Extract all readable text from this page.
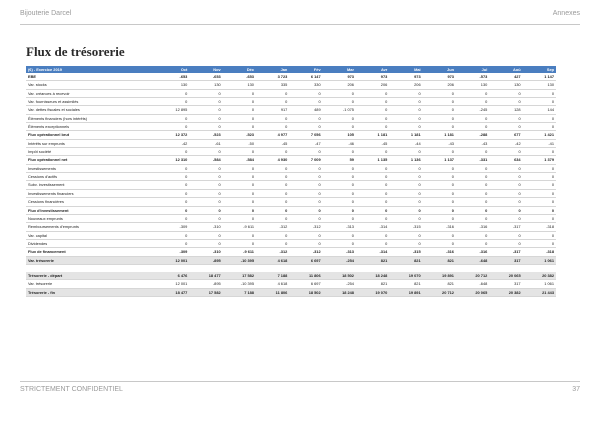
Bijouterie Darcel	Annexes
Flux de trésorerie
(€) - Exercice 2019	Oct	Nov	Déc	Jan	Fév	Mar	Avr	Mai	Jun	Jul	Aoû	Sep
EBE	-653	-653	-653	3 723	6 147	973	973	973	973	-573	427	1 147
Var. stocks	130	130	130	335	330	206	206	206	206	130	130	130
Var. créances à recevoir	0	0	0	0	0	0	0	0	0	0	0	0
Var. fournisseurs et assimilés	0	0	0	0	0	0	0	0	0	0	0	0
Var. dettes fiscales et sociales	12 895	0	0	917	489	-1 075	0	0	0	-245	128	144
Éléments financiers (hors intérêts)	0	0	0	0	0	0	0	0	0	0	0	0
Éléments exceptionnels	0	0	0	0	0	0	0	0	0	0	0	0
Flux opérationnel brut	12 372	-523	-523	4 977	7 056	105	1 181	1 181	1 181	-288	677	1 421
Intérêts sur emprunts	-42	-61	-50	-45	-47	-46	-45	-44	-43	-43	-42	-41
Impôt société	0	0	0	0	0	0	0	0	0	0	0	0
Flux opérationnel net	12 310	-584	-584	4 930	7 009	59	1 135	1 136	1 137	-331	634	1 379
Investissements	0	0	0	0	0	0	0	0	0	0	0	0
Cessions d'actifs	0	0	0	0	0	0	0	0	0	0	0	0
Subv. investissement	0	0	0	0	0	0	0	0	0	0	0	0
Investissements financiers	0	0	0	0	0	0	0	0	0	0	0	0
Cessions financières	0	0	0	0	0	0	0	0	0	0	0	0
Flux d'investissement	0	0	0	0	0	0	0	0	0	0	0	0
Nouveaux emprunts	0	0	0	0	0	0	0	0	0	0	0	0
Remboursements d'emprunts	-309	-310	-9 611	-312	-312	-313	-314	-315	-316	-316	-317	-318
Var. capital	0	0	0	0	0	0	0	0	0	0	0	0
Dividendes	0	0	0	0	0	0	0	0	0	0	0	0
Flux de financement	-309	-310	-9 611	-312	-312	-313	-314	-315	-316	-316	-317	-318
Var. trésorerie	12 001	-895	-10 395	4 618	6 697	-254	821	821	821	-648	317	1 061

Trésorerie - départ	6 476	18 477	17 582	7 188	11 806	18 502	18 248	19 070	19 891	20 712	20 065	20 382
Var. trésorerie	12 001	-895	-10 395	4 618	6 697	-254	821	821	821	-648	317	1 061
Trésorerie - fin	18 477	17 582	7 188	11 806	18 502	18 248	19 070	19 891	20 712	20 065	20 382	21 443
STRICTEMENT CONFIDENTIEL	37
